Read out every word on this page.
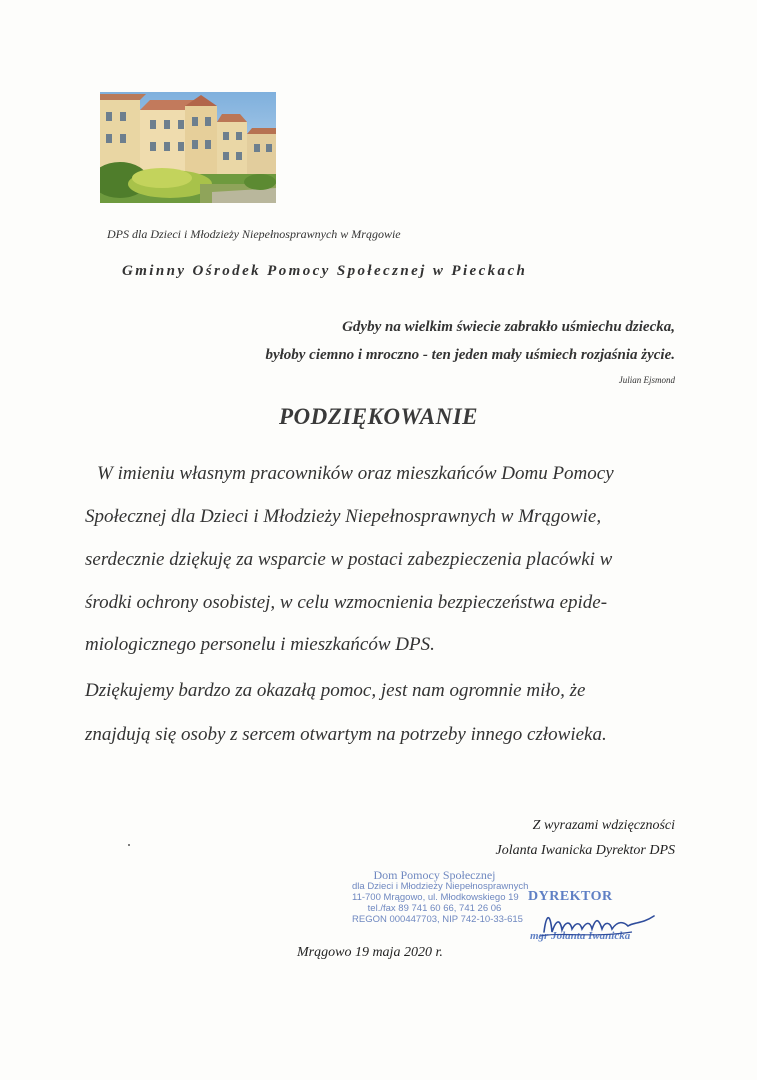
DPS dla Dzieci i Młodzieży Niepełnosprawnych w Mrągowie
Gminny Ośrodek Pomocy Społecznej w Pieckach
Gdyby na wielkim świecie zabrakło uśmiechu dziecka,
byłoby ciemno i mroczno - ten jeden mały uśmiech rozjaśnia życie.
Julian Ejsmond
PODZIĘKOWANIE
W imieniu własnym pracowników oraz mieszkańców Domu Pomocy
Społecznej dla Dzieci i Młodzieży Niepełnosprawnych w Mrągowie,
serdecznie dziękuję za wsparcie w postaci zabezpieczenia placówki w
środki ochrony osobistej, w celu wzmocnienia bezpieczeństwa epide-
miologicznego personelu i mieszkańców DPS.
Dziękujemy bardzo za okazałą pomoc, jest nam ogromnie miło, że
znajdują się osoby z sercem otwartym na potrzeby innego człowieka.
Z wyrazami wdzięczności
Jolanta Iwanicka Dyrektor DPS
Dom Pomocy Społecznej
dla Dzieci i Młodzieży Niepełnosprawnych
11-700 Mrągowo, ul. Młodkowskiego 19
tel./fax 89 741 60 66, 741 26 06
REGON 000447703, NIP 742-10-33-615
DYREKTOR
mgr Jolanta Iwanicka
Mrągowo 19 maja 2020 r.
